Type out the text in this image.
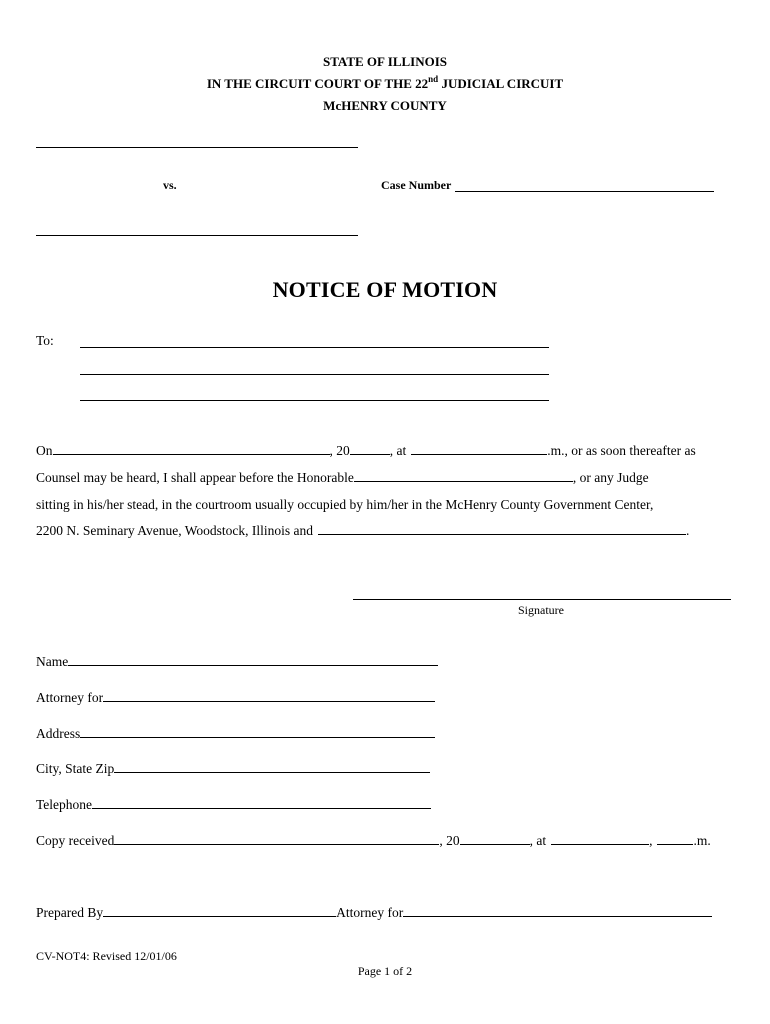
STATE OF ILLINOIS
IN THE CIRCUIT COURT OF THE 22nd JUDICIAL CIRCUIT
McHENRY COUNTY
vs.	Case Number
NOTICE OF MOTION
To:
On	, 20	, at	.m., or as soon thereafter as
Counsel may be heard, I shall appear before the Honorable	, or any Judge
sitting in his/her stead, in the courtroom usually occupied by him/her in the McHenry County Government Center,
2200 N. Seminary Avenue, Woodstock, Illinois and	.
Signature
Name
Attorney for
Address
City, State Zip
Telephone
Copy received	, 20	, at	,	.m.
Prepared By	Attorney for
CV-NOT4: Revised 12/01/06
Page 1 of 2
